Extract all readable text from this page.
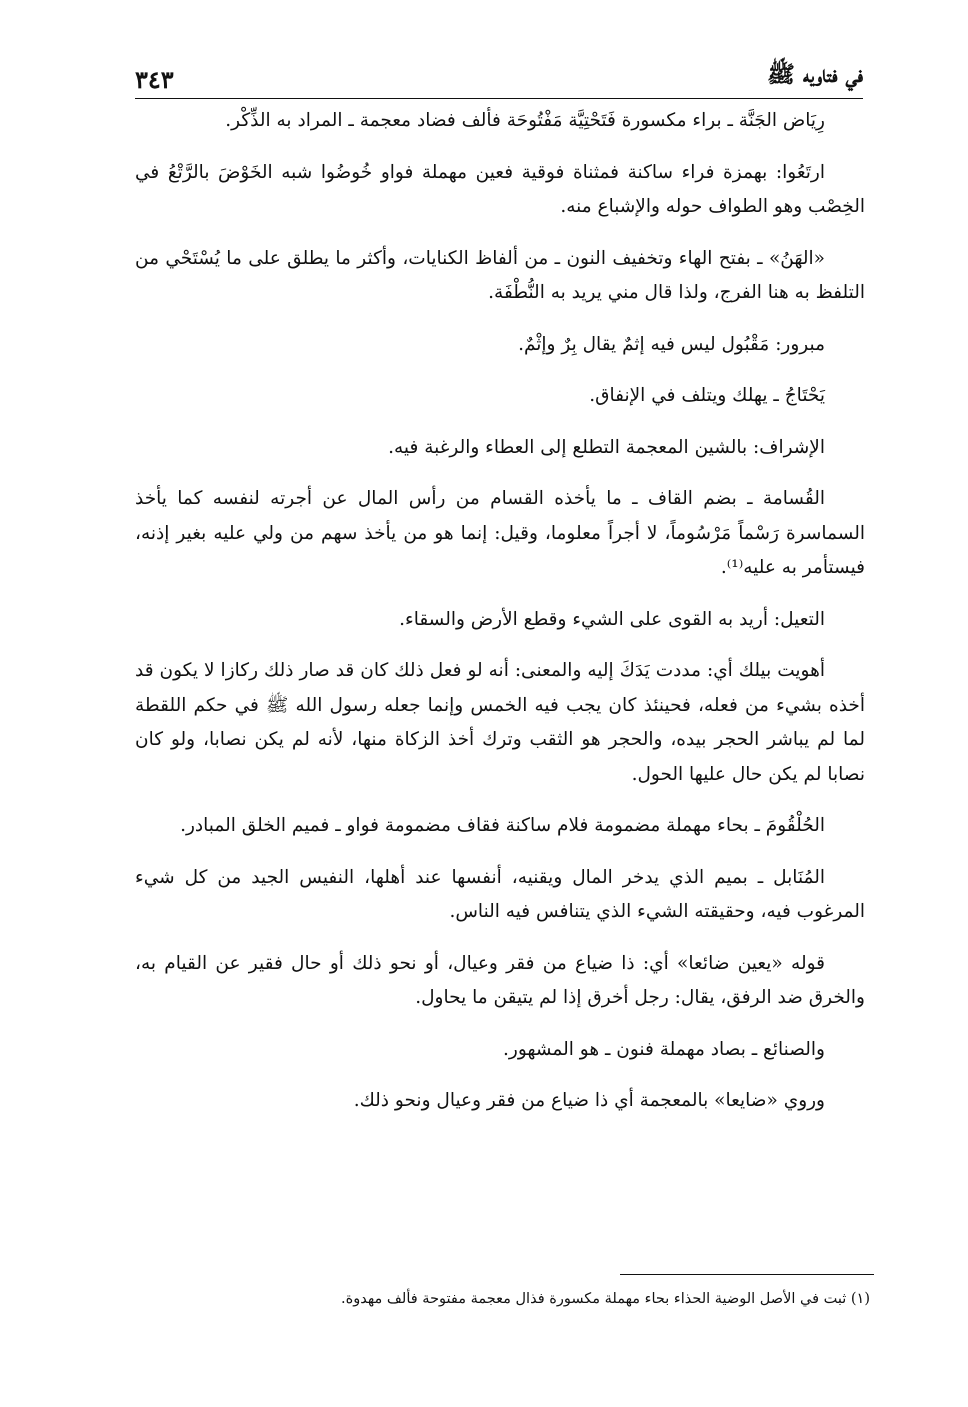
في فتاويه ﷺ
٣٤٣

رِيَاض الجَنَّة ـ براء مكسورة فَتَحْتِيَّة مَفْتُوحَة فألف فضاد معجمة ـ المراد به الذِّكْر.

ارتَعُوا: بهمزة فراء ساكنة فمثناة فوقية فعين مهملة فواو خُوضُوا شبه الخَوْضَ بالرَّتْعُ في الخِصْب وهو الطواف حوله والإشباع منه.

«الهَنُ» ـ بفتح الهاء وتخفيف النون ـ من ألفاظ الكنايات، وأكثر ما يطلق على ما يُسْتَحْي من التلفظ به هنا الفرج، ولذا قال مني يريد به النُّطْفَة.

مبرور: مَقْبُول ليس فيه إثمٌ يقال بِرٌ وإثْمٌ.

يَحْتَاجُ ـ يهلك ويتلف في الإنفاق.

الإشراف: بالشين المعجمة التطلع إلى العطاء والرغبة فيه.

القُسامة ـ بضم القاف ـ ما يأخذه القسام من رأس المال عن أجرته لنفسه كما يأخذ السماسرة رَسْماً مَرْسُوماً، لا أجراً معلوما، وقيل: إنما هو من يأخذ سهم من ولي عليه بغير إذنه، فيستأمر به عليه⁽¹⁾.

التعيل: أريد به القوى على الشيء وقطع الأرض والسقاء.

أهويت بيلك أي: مددت يَدَكَ إليه والمعنى: أنه لو فعل ذلك كان قد صار ذلك ركازا لا يكون قد أخذه بشيء من فعله، فحينئذ كان يجب فيه الخمس وإنما جعله رسول الله ﷺ في حكم اللقطة لما لم يباشر الحجر بيده، والحجر هو الثقب وترك أخذ الزكاة منها، لأنه لم يكن نصابا، ولو كان نصابا لم يكن حال عليها الحول.

الحُلْقُومَ ـ بحاء مهملة مضمومة فلام ساكنة فقاف مضمومة فواو ـ فميم الخلق المبادر.

المُنَابل ـ بميم الذي يدخر المال ويقنيه، أنفسها عند أهلها، النفيس الجيد من كل شيء المرغوب فيه، وحقيقته الشيء الذي يتنافس فيه الناس.

قوله «يعين ضائعا» أي: ذا ضياع من فقر وعيال، أو نحو ذلك أو حال فقير عن القيام به، والخرق ضد الرفق، يقال: رجل أخرق إذا لم يتيقن ما يحاول.

والصنائع ـ بصاد مهملة فنون ـ هو المشهور.

وروي «ضايعا» بالمعجمة أي ذا ضياع من فقر وعيال ونحو ذلك.

(١) ثبت في الأصل الوضية الحذاء بحاء مهملة مكسورة فذال معجمة مفتوحة فألف مهدوة.
